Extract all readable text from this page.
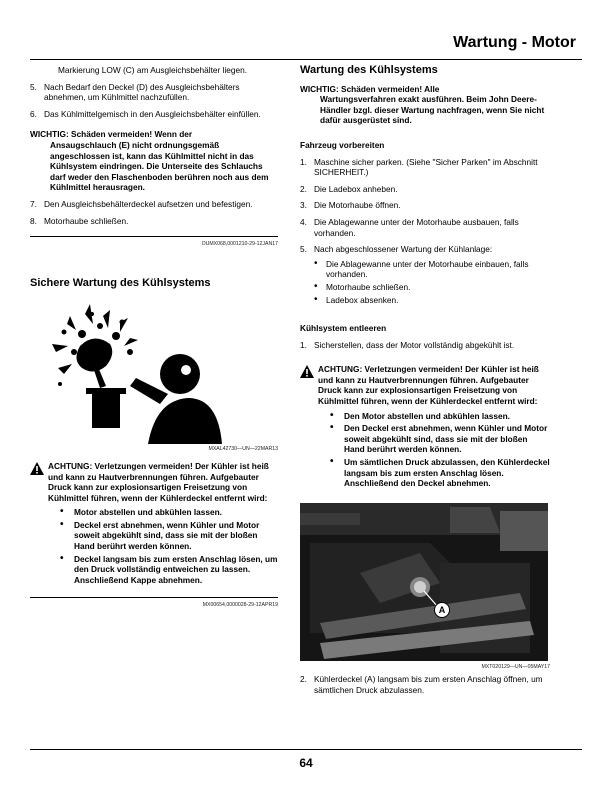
Wartung - Motor

Markierung LOW (C) am Ausgleichsbehälter liegen.

5. Nach Bedarf den Deckel (D) des Ausgleichsbehälters abnehmen, um Kühlmittel nachzufüllen.
6. Das Kühlmittelgemisch in den Ausgleichsbehälter einfüllen.

WICHTIG: Schäden vermeiden! Wenn der

Ansaugschlauch (E) nicht ordnungsgemäß angeschlossen ist, kann das Kühlmittel nicht in das Kühlsystem eindringen. Die Unterseite des Schlauchs darf weder den Flaschenboden berühren noch aus dem Kühlmittel herausragen.

7. Den Ausgleichsbehälterdeckel aufsetzen und befestigen.
8. Motorhaube schließen.
OUMX068,0001210-29-12JAN17
Sichere Wartung des Kühlsystems
MXAL42730—UN—22MAR13

ACHTUNG: Verletzungen vermeiden! Der Kühler ist heiß und kann zu Hautverbrennungen führen. Aufgebauter Druck kann zur explosionsartigen Freisetzung von Kühlmittel führen, wenn der Kühlerdeckel entfernt wird:

• Motor abstellen und abkühlen lassen.
• Deckel erst abnehmen, wenn Kühler und Motor soweit abgekühlt sind, dass sie mit der bloßen Hand berührt werden können.
• Deckel langsam bis zum ersten Anschlag lösen, um den Druck vollständig entweichen zu lassen. Anschließend Kappe abnehmen.
MX00654,0000028-29-12APR19
Wartung des Kühlsystems

WICHTIG: Schäden vermeiden! Alle

Wartungsverfahren exakt ausführen. Beim John Deere-Händler bzgl. dieser Wartung nachfragen, wenn Sie nicht dafür ausgerüstet sind.

Fahrzeug vorbereiten
1. Maschine sicher parken. (Siehe "Sicher Parken" im Abschnitt SICHERHEIT.)
2. Die Ladebox anheben.
3. Die Motorhaube öffnen.
4. Die Ablagewanne unter der Motorhaube ausbauen, falls vorhanden.
5. Nach abgeschlossener Wartung der Kühlanlage:
• Die Ablagewanne unter der Motorhaube einbauen, falls vorhanden.
• Motorhaube schließen.
• Ladebox absenken.
Kühlsystem entleeren
1. Sicherstellen, dass der Motor vollständig abgekühlt ist.

ACHTUNG: Verletzungen vermeiden! Der Kühler ist heiß und kann zu Hautverbrennungen führen. Aufgebauter Druck kann zur explosionsartigen Freisetzung von Kühlmittel führen, wenn der Kühlerdeckel entfernt wird:

• Den Motor abstellen und abkühlen lassen.
• Den Deckel erst abnehmen, wenn Kühler und Motor soweit abgekühlt sind, dass sie mit der bloßen Hand berührt werden können.
• Um sämtlichen Druck abzulassen, den Kühlerdeckel langsam bis zum ersten Anschlag lösen. Anschließend den Deckel abnehmen.
A
MXT020129—UN—05MAY17
2. Kühlerdeckel (A) langsam bis zum ersten Anschlag öffnen, um sämtlichen Druck abzulassen.
64
